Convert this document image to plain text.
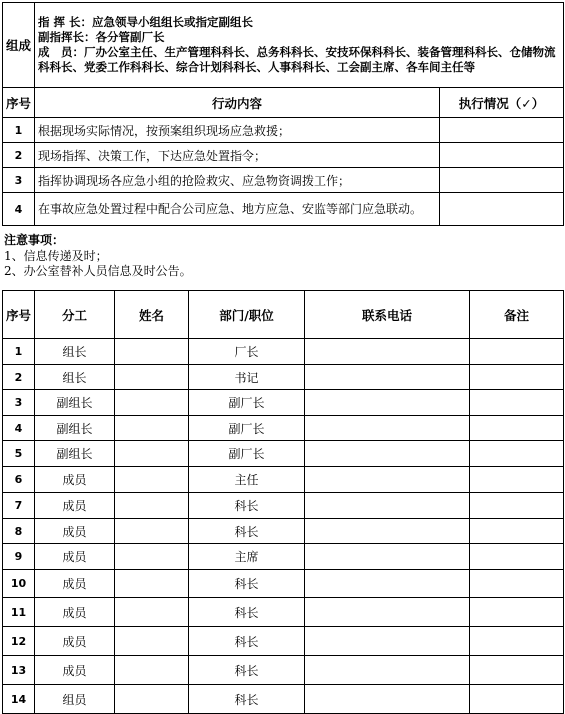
组成	指 挥 长：应急领导小组组长或指定副组长
副指挥长：各分管副厂长
成　员：厂办公室主任、生产管理科科长、总务科科长、安技环保科科长、装备管理科科长、仓储物流科科长、党委工作科科长、综合计划科科长、人事科科长、工会副主席、各车间主任等	

序号	行动内容	执行情况（✓）
1	根据现场实际情况，按预案组织现场应急救援；	
2	现场指挥、决策工作，下达应急处置指令；	
3	指挥协调现场各应急小组的抢险救灾、应急物资调拨工作；	
4	在事故应急处置过程中配合公司应急、地方应急、安监等部门应急联动。	
注意事项：
1、信息传递及时；
2、办公室替补人员信息及时公告。
序号	分工	姓名	部门/职位	联系电话	备注
1	组长		厂长		
2	组长		书记		
3	副组长		副厂长		
4	副组长		副厂长		
5	副组长		副厂长		
6	成员		主任		
7	成员		科长		
8	成员		科长		
9	成员		主席		
10	成员		科长		
11	成员		科长		
12	成员		科长		
13	成员		科长		
14	组员		科长		
